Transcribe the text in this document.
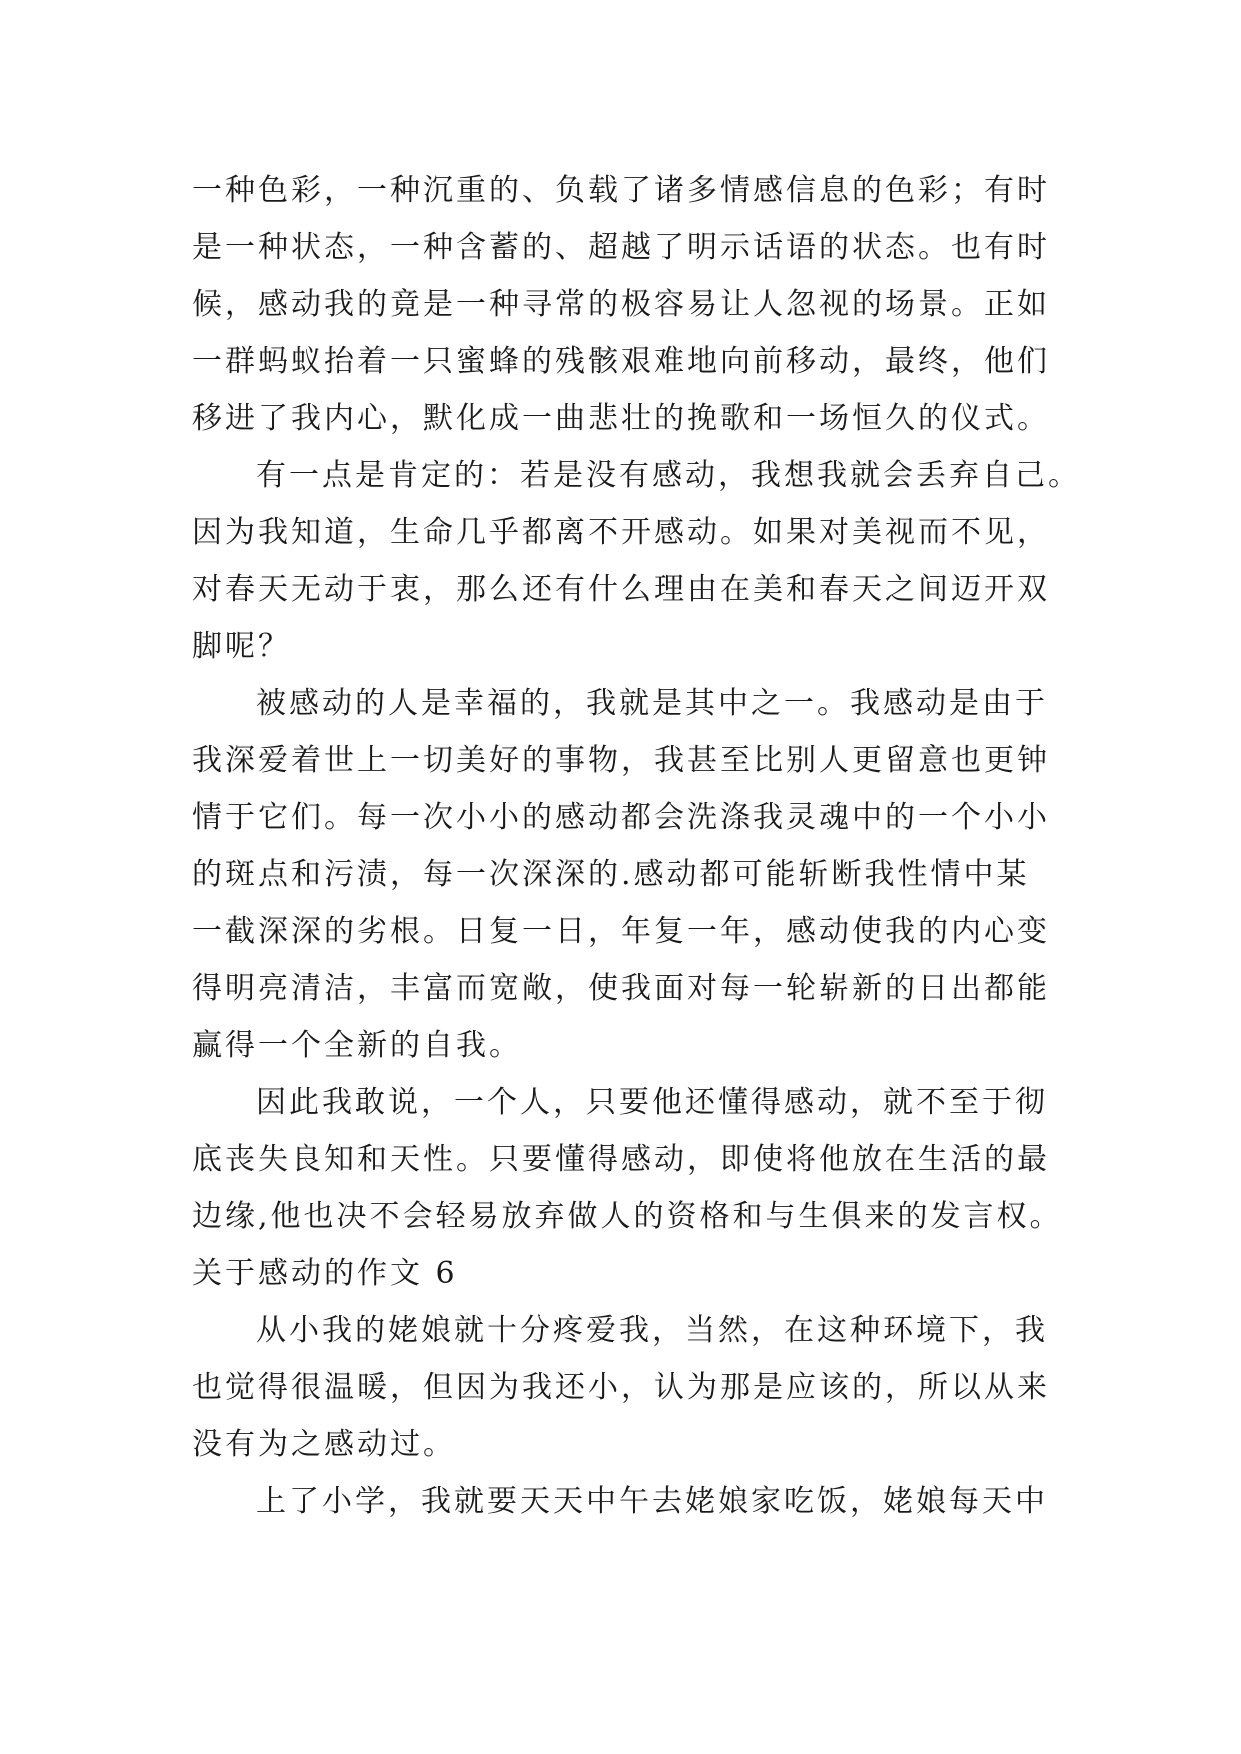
一种色彩，一种沉重的、负载了诸多情感信息的色彩；有时
是一种状态，一种含蓄的、超越了明示话语的状态。也有时
候，感动我的竟是一种寻常的极容易让人忽视的场景。正如
一群蚂蚁抬着一只蜜蜂的残骸艰难地向前移动，最终，他们
移进了我内心，默化成一曲悲壮的挽歌和一场恒久的仪式。
有一点是肯定的：若是没有感动，我想我就会丢弃自己。
因为我知道，生命几乎都离不开感动。如果对美视而不见，
对春天无动于衷，那么还有什么理由在美和春天之间迈开双
脚呢？
被感动的人是幸福的，我就是其中之一。我感动是由于
我深爱着世上一切美好的事物，我甚至比别人更留意也更钟
情于它们。每一次小小的感动都会洗涤我灵魂中的一个小小
的斑点和污渍，每一次深深的.感动都可能斩断我性情中某
一截深深的劣根。日复一日，年复一年，感动使我的内心变
得明亮清洁，丰富而宽敞，使我面对每一轮崭新的日出都能
赢得一个全新的自我。
因此我敢说，一个人，只要他还懂得感动，就不至于彻
底丧失良知和天性。只要懂得感动，即使将他放在生活的最
边缘,他也决不会轻易放弃做人的资格和与生俱来的发言权。
关于感动的作文 6
从小我的姥娘就十分疼爱我，当然，在这种环境下，我
也觉得很温暖，但因为我还小，认为那是应该的，所以从来
没有为之感动过。
上了小学，我就要天天中午去姥娘家吃饭，姥娘每天中
